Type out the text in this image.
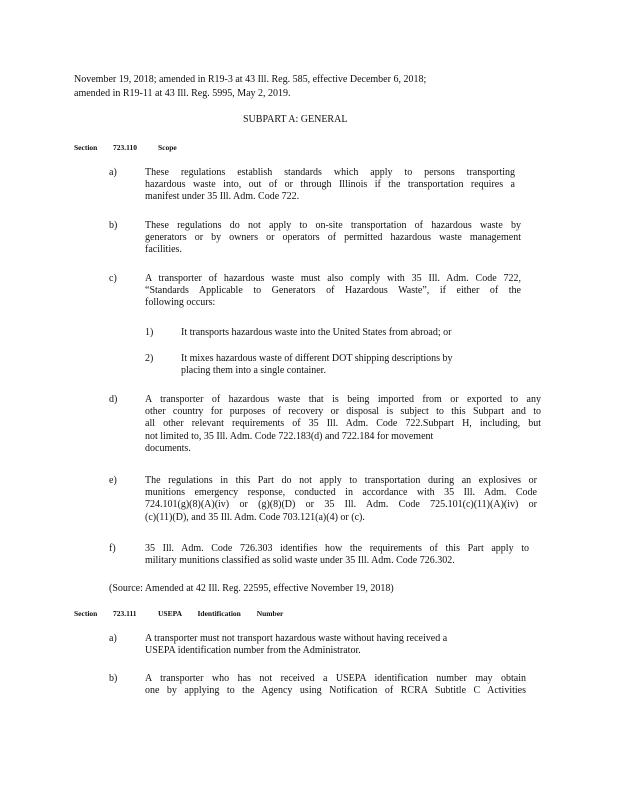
November 19, 2018; amended in R19-3 at 43 Ill. Reg. 585, effective December 6, 2018;
amended in R19-11 at 43 Ill. Reg. 5995, May 2, 2019.
SUBPART A: GENERAL
Section 723.110	Scope
a)	These regulations establish standards which apply to persons transporting
hazardous waste into, out of or through Illinois if the transportation requires a
manifest under 35 Ill. Adm. Code 722.
b)	These regulations do not apply to on-site transportation of hazardous waste by
generators or by owners or operators of permitted hazardous waste management
facilities.
c)	A transporter of hazardous waste must also comply with 35 Ill. Adm. Code 722,
“Standards Applicable to Generators of Hazardous Waste”, if either of the
following occurs:
1)	It transports hazardous waste into the United States from abroad; or
2)	It mixes hazardous waste of different DOT shipping descriptions by
placing them into a single container.
d)	A transporter of hazardous waste that is being imported from or exported to any
other country for purposes of recovery or disposal is subject to this Subpart and to
all other relevant requirements of 35 Ill. Adm. Code 722.Subpart H, including, but
not limited to, 35 Ill. Adm. Code 722.183(d) and 722.184 for movement
documents.
e)	The regulations in this Part do not apply to transportation during an explosives or
munitions emergency response, conducted in accordance with 35 Ill. Adm. Code
724.101(g)(8)(A)(iv) or (g)(8)(D) or 35 Ill. Adm. Code 725.101(c)(11)(A)(iv) or
(c)(11)(D), and 35 Ill. Adm. Code 703.121(a)(4) or (c).
f)	35 Ill. Adm. Code 726.303 identifies how the requirements of this Part apply to
military munitions classified as solid waste under 35 Ill. Adm. Code 726.302.
(Source: Amended at 42 Ill. Reg. 22595, effective November 19, 2018)
Section 723.111	USEPA Identification Number
a)	A transporter must not transport hazardous waste without having received a
USEPA identification number from the Administrator.
b)	A transporter who has not received a USEPA identification number may obtain
one by applying to the Agency using Notification of RCRA Subtitle C Activities
